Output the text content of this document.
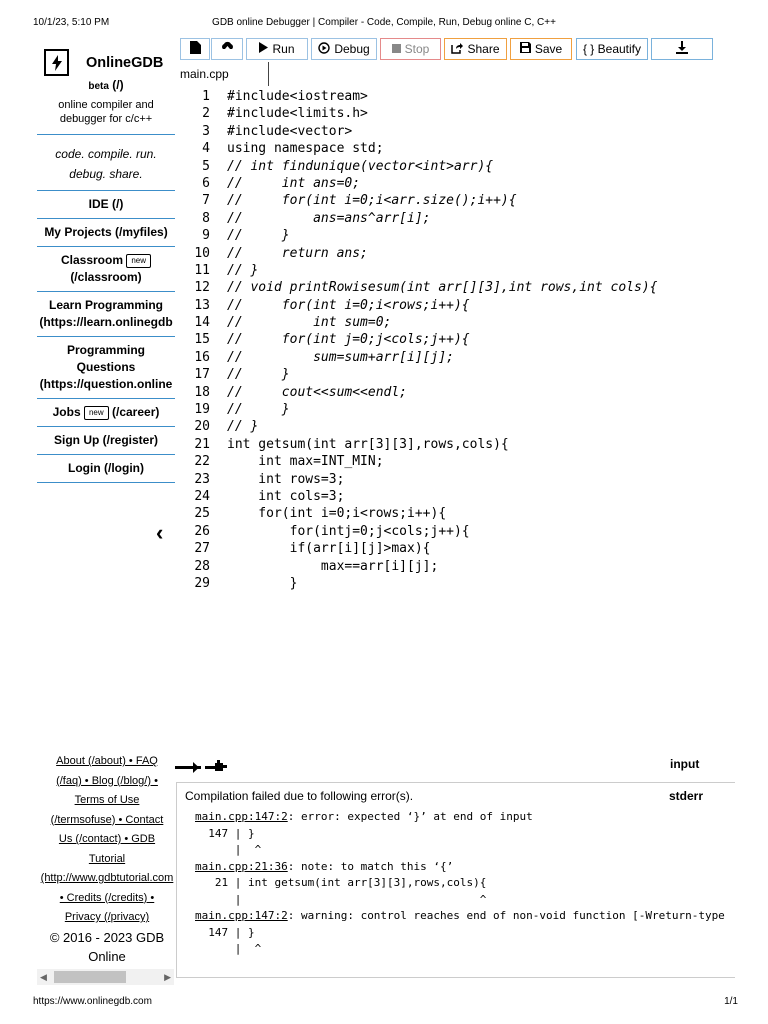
10/1/23, 5:10 PM	GDB online Debugger | Compiler - Code, Compile, Run, Debug online C, C++
OnlineGDB
beta (/)
online compiler and
debugger for c/c++
code. compile. run.
debug. share.
IDE (/)
My Projects (/myfiles)
Classroom new
(/classroom)
Learn Programming
(https://learn.onlinegdb
Programming
Questions
(https://question.online
Jobs new (/career)
Sign Up (/register)
Login (/login)
‹
Run	Debug	Stop	Share	Save { } Beautify
main.cpp
1 #include<iostream>
2 #include<limits.h>
3 #include<vector>
4 using namespace std;
5 // int findunique(vector<int>arr){
6 //     int ans=0;
7 //     for(int i=0;i<arr.size();i++){
8 //         ans=ans^arr[i];
9 //     }
10 //     return ans;
11 // }
12 // void printRowisesum(int arr[][3],int rows,int cols){
13 //     for(int i=0;i<rows;i++){
14 //         int sum=0;
15 //     for(int j=0;j<cols;j++){
16 //         sum=sum+arr[i][j];
17 //     }
18 //     cout<<sum<<endl;
19 //     }
20 // }
21 int getsum(int arr[3][3],rows,cols){
22    int max=INT_MIN;
23    int rows=3;
24    int cols=3;
25    for(int i=0;i<rows;i++){
26        for(intj=0;j<cols;j++){
27        if(arr[i][j]>max){
28            max==arr[i][j];
29        }
About (/about) • FAQ
(/faq) • Blog (/blog/) •
Terms of Use
(/termsofuse) • Contact
Us (/contact) • GDB
Tutorial
(http://www.gdbtutorial.com
• Credits (/credits) •
Privacy (/privacy)
© 2016 - 2023 GDB
Online
◀	▶
input
Compilation failed due to following error(s).	stderr
main.cpp:147:2: error: expected ‘}’ at end of input
147 | }
|  ^
main.cpp:21:36: note: to match this ‘{’
21 | int getsum(int arr[3][3],rows,cols){
|                                    ^
main.cpp:147:2: warning: control reaches end of non-void function [-Wreturn-type
147 | }
|  ^
https://www.onlinegdb.com	1/1
